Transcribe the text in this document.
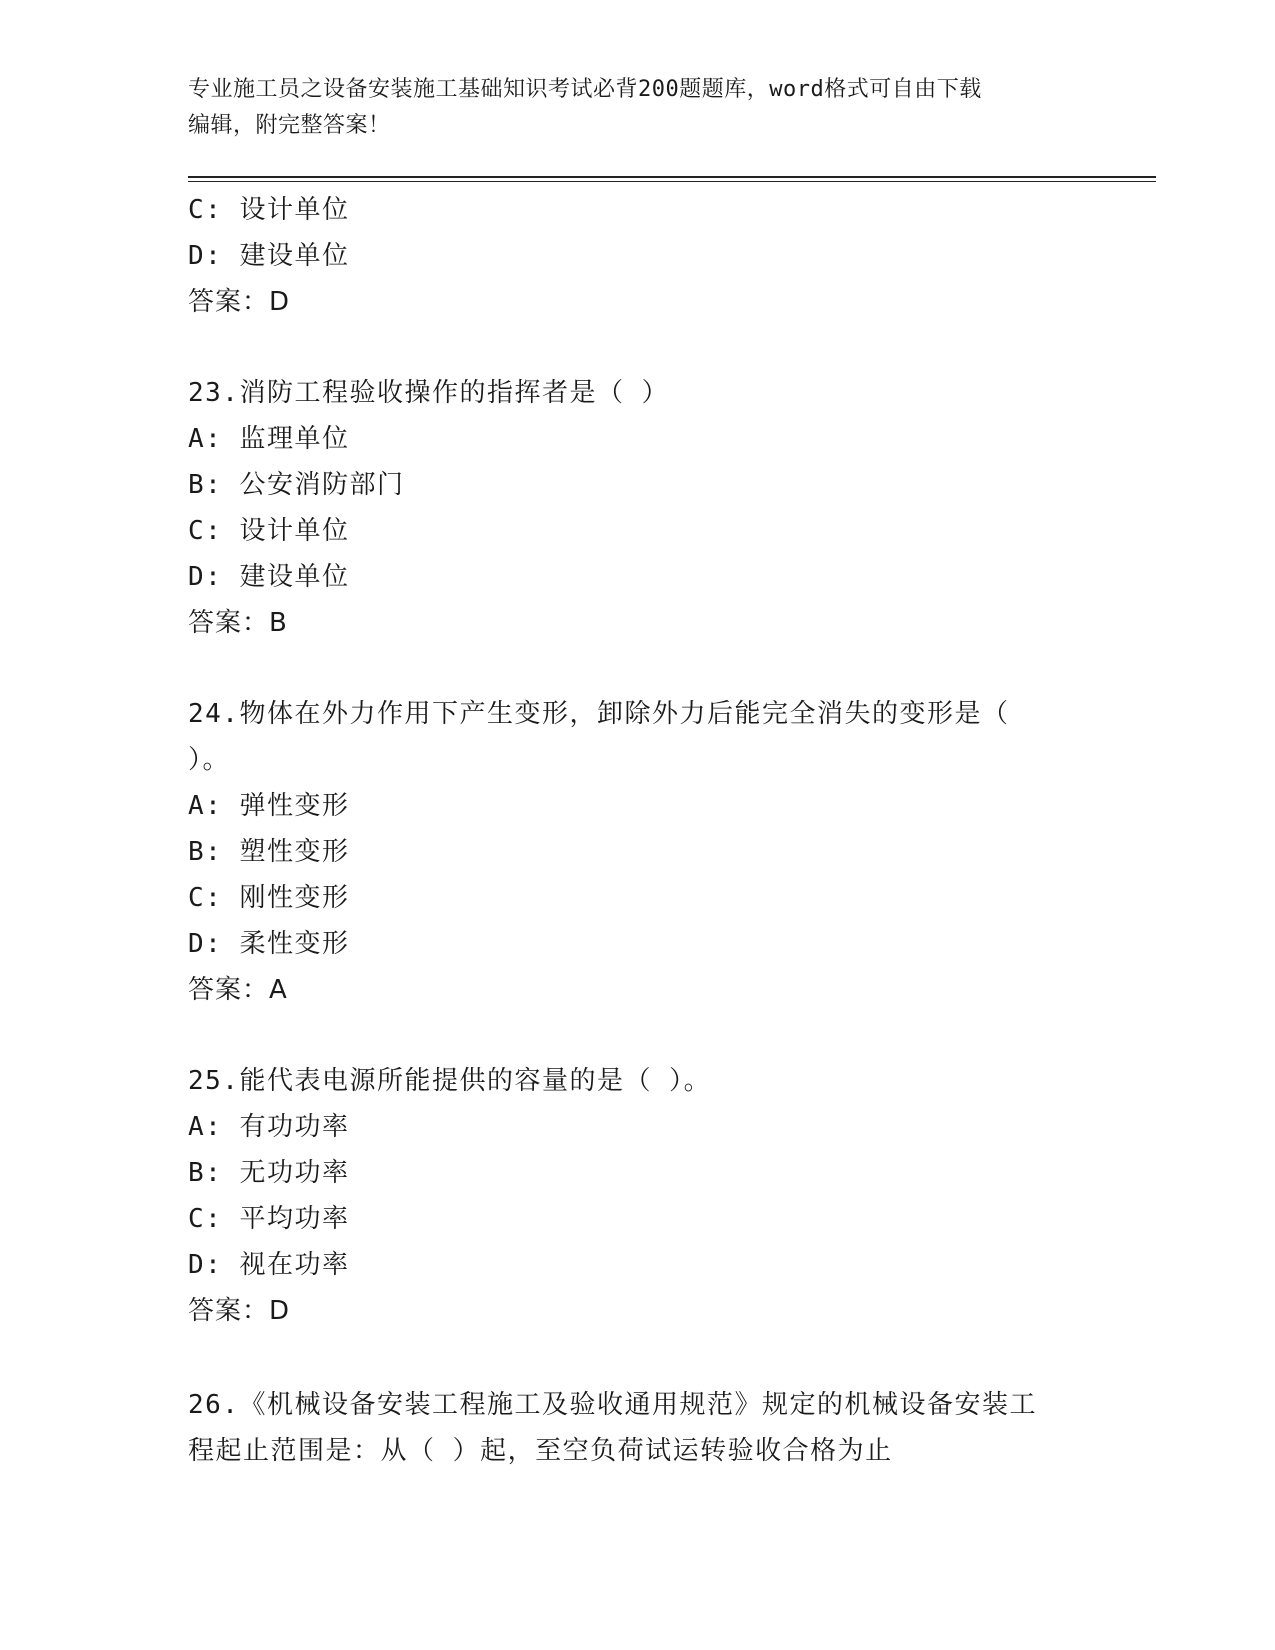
专业施工员之设备安装施工基础知识考试必背200题题库，word格式可自由下载
编辑，附完整答案！
C: 设计单位
D: 建设单位
答案：D
23.消防工程验收操作的指挥者是（ ）
A: 监理单位
B: 公安消防部门
C: 设计单位
D: 建设单位
答案：B
24.物体在外力作用下产生变形，卸除外力后能完全消失的变形是（
）。
A: 弹性变形
B: 塑性变形
C: 刚性变形
D: 柔性变形
答案：A
25.能代表电源所能提供的容量的是（ ）。
A: 有功功率
B: 无功功率
C: 平均功率
D: 视在功率
答案：D
26.《机械设备安装工程施工及验收通用规范》规定的机械设备安装工
程起止范围是：从（ ）起，至空负荷试运转验收合格为止
